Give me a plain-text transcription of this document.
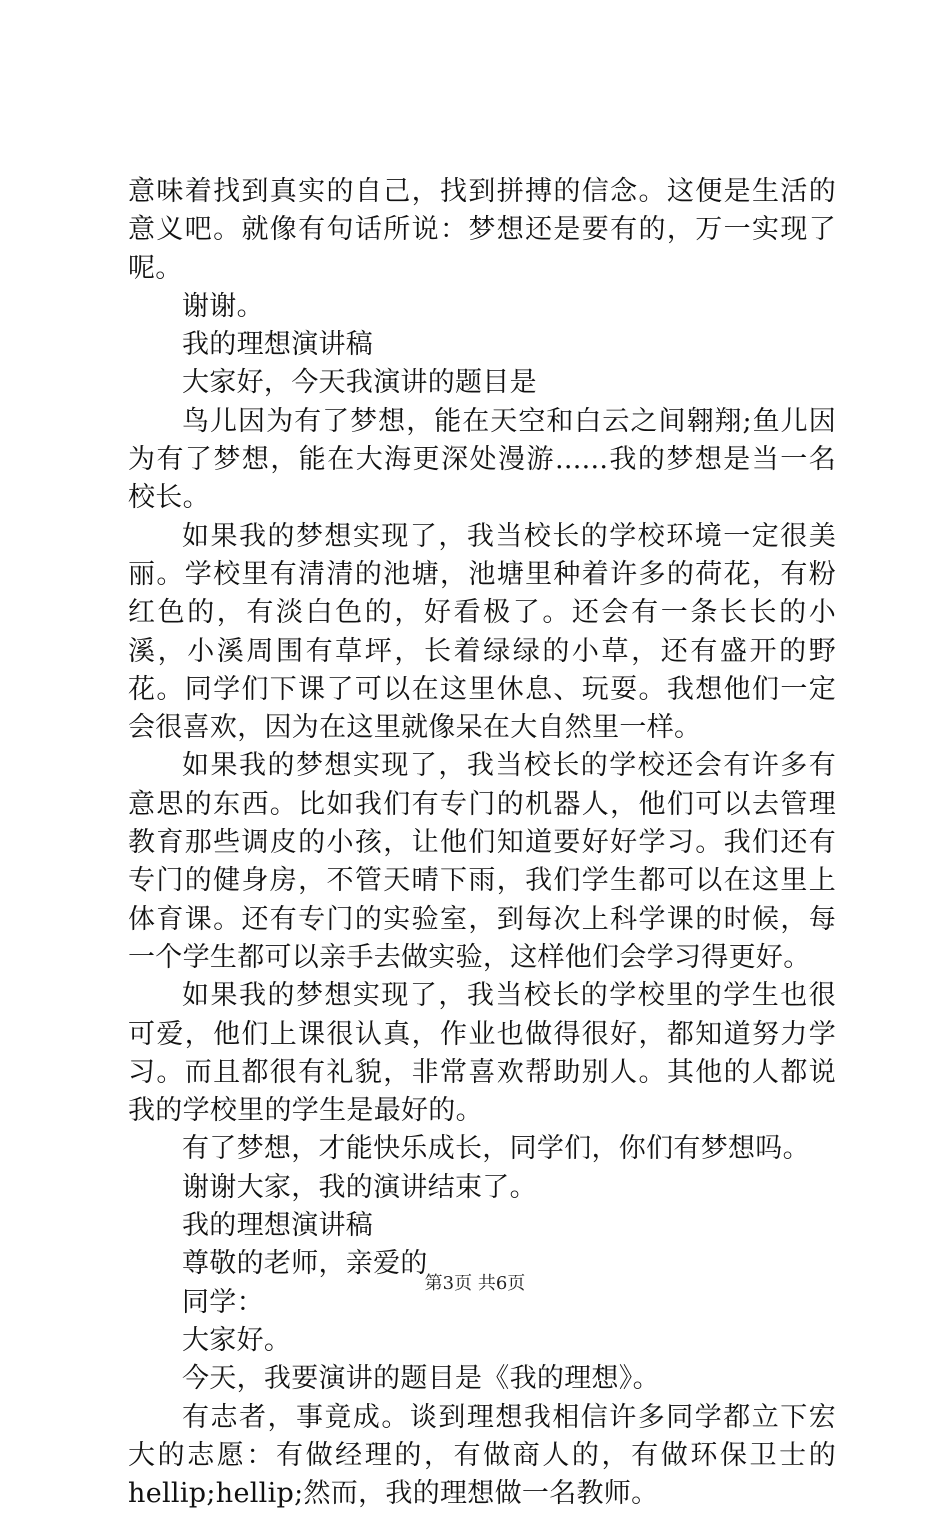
意味着找到真实的自己，找到拼搏的信念。这便是生活的意义吧。就像有句话所说：梦想还是要有的，万一实现了呢。

谢谢。

我的理想演讲稿

大家好，今天我演讲的题目是

鸟儿因为有了梦想，能在天空和白云之间翱翔;鱼儿因为有了梦想，能在大海更深处漫游......我的梦想是当一名校长。

如果我的梦想实现了，我当校长的学校环境一定很美丽。学校里有清清的池塘，池塘里种着许多的荷花，有粉红色的，有淡白色的，好看极了。还会有一条长长的小溪，小溪周围有草坪，长着绿绿的小草，还有盛开的野花。同学们下课了可以在这里休息、玩耍。我想他们一定会很喜欢，因为在这里就像呆在大自然里一样。

如果我的梦想实现了，我当校长的学校还会有许多有意思的东西。比如我们有专门的机器人，他们可以去管理教育那些调皮的小孩，让他们知道要好好学习。我们还有专门的健身房，不管天晴下雨，我们学生都可以在这里上体育课。还有专门的实验室，到每次上科学课的时候，每一个学生都可以亲手去做实验，这样他们会学习得更好。

如果我的梦想实现了，我当校长的学校里的学生也很可爱，他们上课很认真，作业也做得很好，都知道努力学习。而且都很有礼貌，非常喜欢帮助别人。其他的人都说我的学校里的学生是最好的。

有了梦想，才能快乐成长，同学们，你们有梦想吗。

谢谢大家，我的演讲结束了。

我的理想演讲稿

尊敬的老师，亲爱的

同学：

大家好。

今天，我要演讲的题目是《我的理想》。

有志者，事竟成。谈到理想我相信许多同学都立下宏大的志愿：有做经理的，有做商人的，有做环保卫士的hellip;hellip;然而，我的理想做一名教师。

第3页 共6页
